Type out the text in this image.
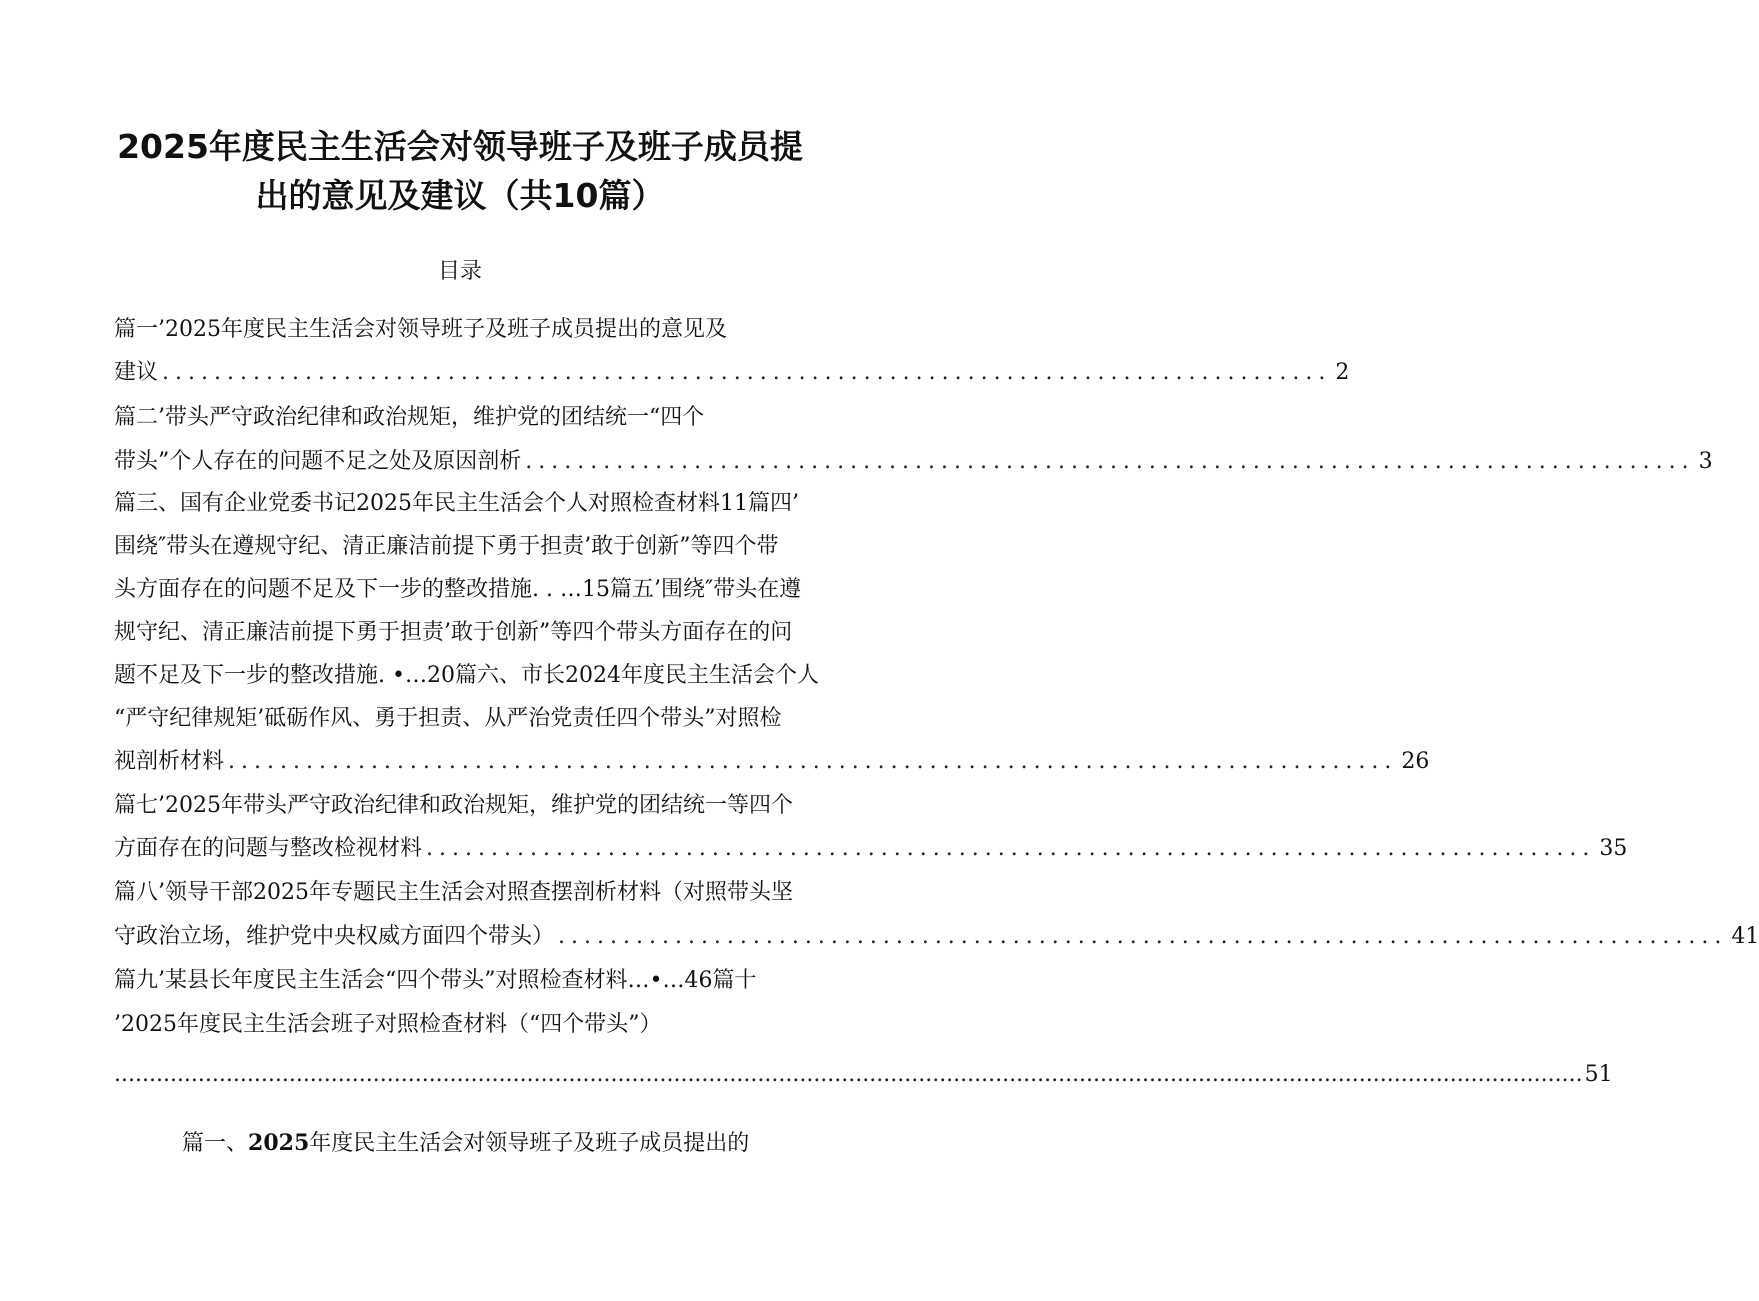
2025年度民主生活会对领导班子及班子成员提
出的意见及建议（共10篇）
目录
篇一’2025年度民主生活会对领导班子及班子成员提出的意见及
建议 .......................................................................................... 2
篇二’带头严守政治纪律和政治规矩，维护党的团结统一“四个
带头”个人存在的问题不足之处及原因剖析 .......................................................................................... 3
篇三、国有企业党委书记2025年民主生活会个人对照检查材料11篇四’
围绕″带头在遵规守纪、清正廉洁前提下勇于担责’敢于创新”等四个带
头方面存在的问题不足及下一步的整改措施. . …15篇五’围绕″带头在遵
规守纪、清正廉洁前提下勇于担责’敢于创新”等四个带头方面存在的问
题不足及下一步的整改措施. •…20篇六、市长2024年度民主生活会个人
“严守纪律规矩’砥砺作风、勇于担责、从严治党责任四个带头”对照检
视剖析材料 .......................................................................................... 26
篇七’2025年带头严守政治纪律和政治规矩，维护党的团结统一等四个
方面存在的问题与整改检视材料 .......................................................................................... 35
篇八’领导干部2025年专题民主生活会对照查摆剖析材料（对照带头坚
守政治立场，维护党中央权威方面四个带头） .......................................................................................... 41
篇九’某县长年度民主生活会“四个带头”对照检查材料…•…46篇十
’2025年度民主生活会班子对照检查材料（“四个带头”）
.................................................................................................................................................................................................................. 51
篇一、2025年度民主生活会对领导班子及班子成员提出的
